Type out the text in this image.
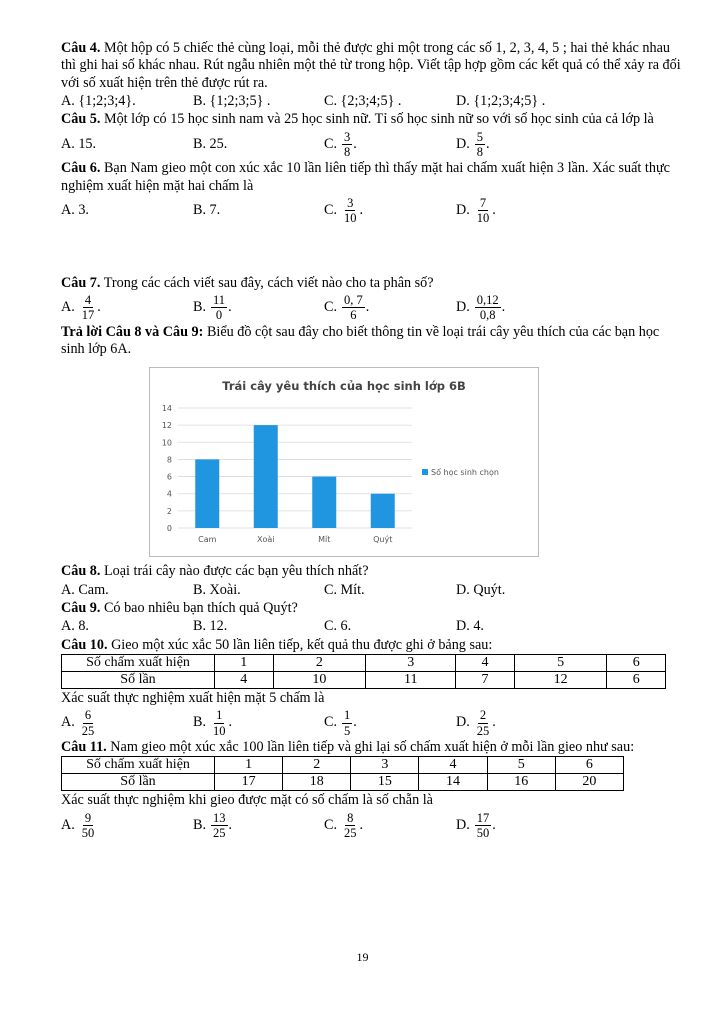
Câu 4. Một hộp có 5 chiếc thẻ cùng loại, mỗi thẻ được ghi một trong các số 1, 2, 3, 4, 5 ; hai thẻ khác nhau thì ghi hai số khác nhau. Rút ngẫu nhiên một thẻ từ trong hộp. Viết tập hợp gồm các kết quả có thể xảy ra đối với số xuất hiện trên thẻ được rút ra.

A. {1;2;3;4}.	B. {1;2;3;5} .	C. {2;3;4;5} .	D. {1;2;3;4;5} .

Câu 5. Một lớp có 15 học sinh nam và 25 học sinh nữ. Tỉ số học sinh nữ so với số học sinh của cả lớp là

A. 15.	B. 25.	C. $\frac{3}{8}$ .	D. $\frac{5}{8}$ .

Câu 6. Bạn Nam gieo một con xúc xắc 10 lần liên tiếp thì thấy mặt hai chấm xuất hiện 3 lần. Xác suất thực nghiệm xuất hiện mặt hai chấm là

A. 3.	B. 7.	C. $\frac{3}{10}$ .	D. $\frac{7}{10}$ .

Câu 7. Trong các cách viết sau đây, cách viết nào cho ta phân số?

A. $\frac{4}{17}$ .	B. $\frac{11}{0}$ .	C. $\frac{0, 7}{6}$ .	D. $\frac{0,12}{0,8}$ .

Trả lời Câu 8 và Câu 9: Biểu đồ cột sau đây cho biết thông tin về loại trái cây yêu thích của các bạn học sinh lớp 6A.

Trái cây yêu thích của học sinh lớp 6B
0
2
4
6
8
10
12
14
Cam	Xoài	Mít	Quýt
Số học sinh chọn

Câu 8. Loại trái cây nào được các bạn yêu thích nhất?

A. Cam.	B. Xoài.	C. Mít.	D. Quýt.

Câu 9. Có bao nhiêu bạn thích quả Quýt?

A. 8.	B. 12.	C. 6.	D. 4.

Câu 10. Gieo một xúc xắc 50 lần liên tiếp, kết quả thu được ghi ở bảng sau:

Số chấm xuất hiện	1	2	3	4	5	6
Số lần	4	10	11	7	12	6

Xác suất thực nghiệm xuất hiện mặt 5 chấm là

A. $\frac{6}{25}$	B. $\frac{1}{10}$ .	C. $\frac{1}{5}$ .	D. $\frac{2}{25}$ .

Câu 11. Nam gieo một xúc xắc 100 lần liên tiếp và ghi lại số chấm xuất hiện ở mỗi lần gieo như sau:

Số chấm xuất hiện	1	2	3	4	5	6
Số lần	17	18	15	14	16	20

Xác suất thực nghiệm khi gieo được mặt có số chấm là số chẵn là

A. $\frac{9}{50}$	B. $\frac{13}{25}$ .	C. $\frac{8}{25}$ .	D. $\frac{17}{50}$ .
19
